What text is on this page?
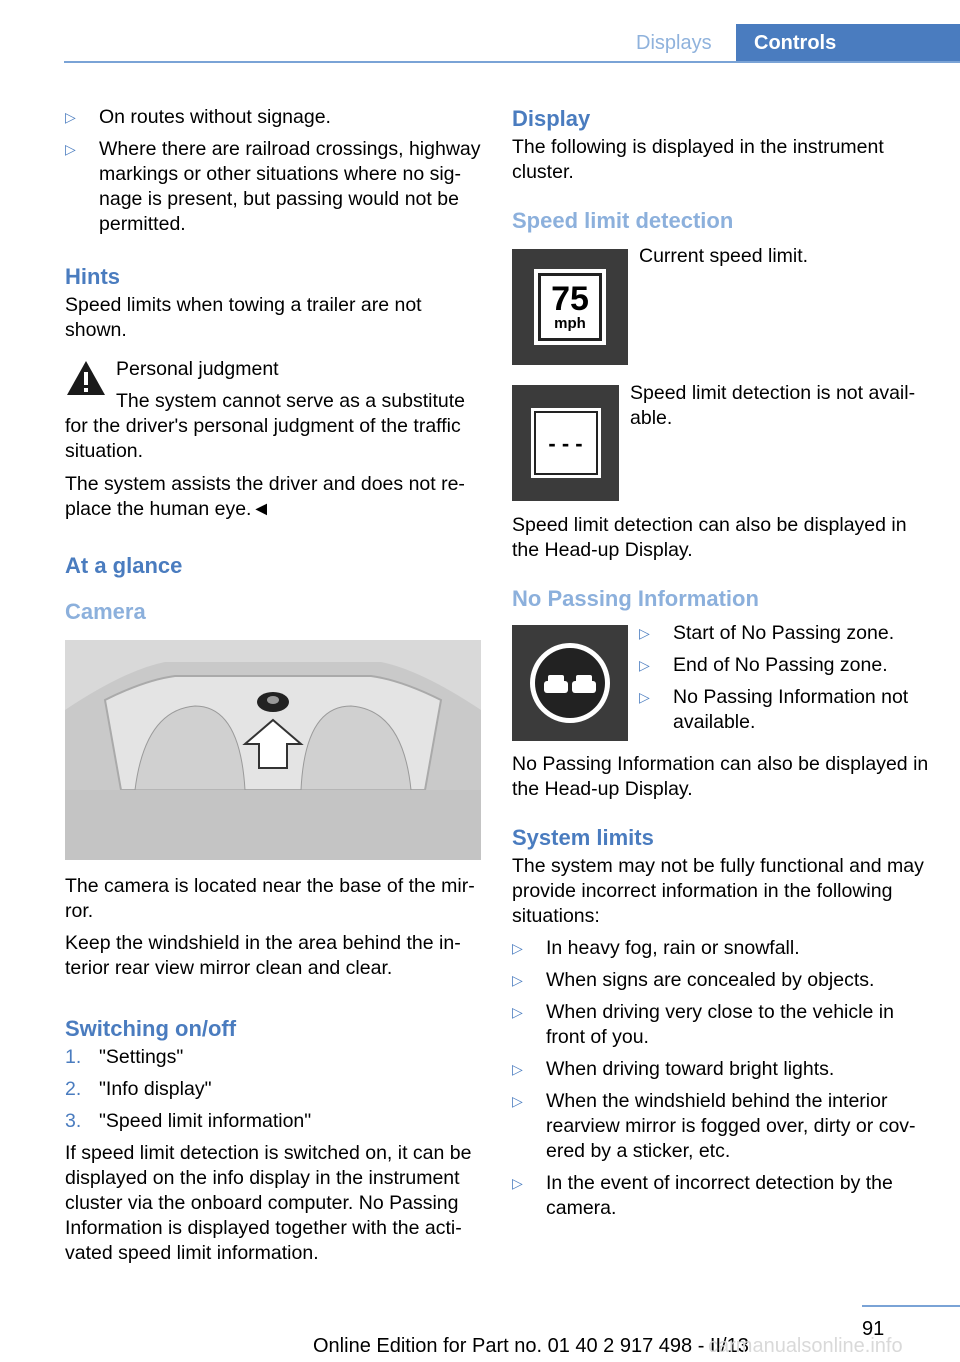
Displays	Controls
▷ On routes without signage.
▷ Where there are railroad crossings, highway markings or other situations where no sig-nage is present, but passing would not be permitted.
Hints

Speed limits when towing a trailer are not shown.

Personal judgment

The system cannot serve as a substitute for the driver's personal judgment of the traffic situation.

The system assists the driver and does not re-place the human eye.◄

At a glance
Camera

The camera is located near the base of the mir-ror.

Keep the windshield in the area behind the in-terior rear view mirror clean and clear.

Switching on/off
1. "Settings"
2. "Info display"
3. "Speed limit information"

If speed limit detection is switched on, it can be displayed on the info display in the instrument cluster via the onboard computer. No Passing Information is displayed together with the acti-vated speed limit information.

Display

The following is displayed in the instrument cluster.

Speed limit detection
75
mph

Current speed limit.

- - -

Speed limit detection is not avail-able.

Speed limit detection can also be displayed in the Head-up Display.

No Passing Information
▷ Start of No Passing zone.
▷ End of No Passing zone.
▷ No Passing Information not available.

No Passing Information can also be displayed in the Head-up Display.

System limits

The system may not be fully functional and may provide incorrect information in the following situations:

▷ In heavy fog, rain or snowfall.
▷ When signs are concealed by objects.
▷ When driving very close to the vehicle in front of you.
▷ When driving toward bright lights.
▷ When the windshield behind the interior rearview mirror is fogged over, dirty or cov-ered by a sticker, etc.
▷ In the event of incorrect detection by the camera.
91
Online Edition for Part no. 01 40 2 917 498 - II/13
carmanualsonline.info
